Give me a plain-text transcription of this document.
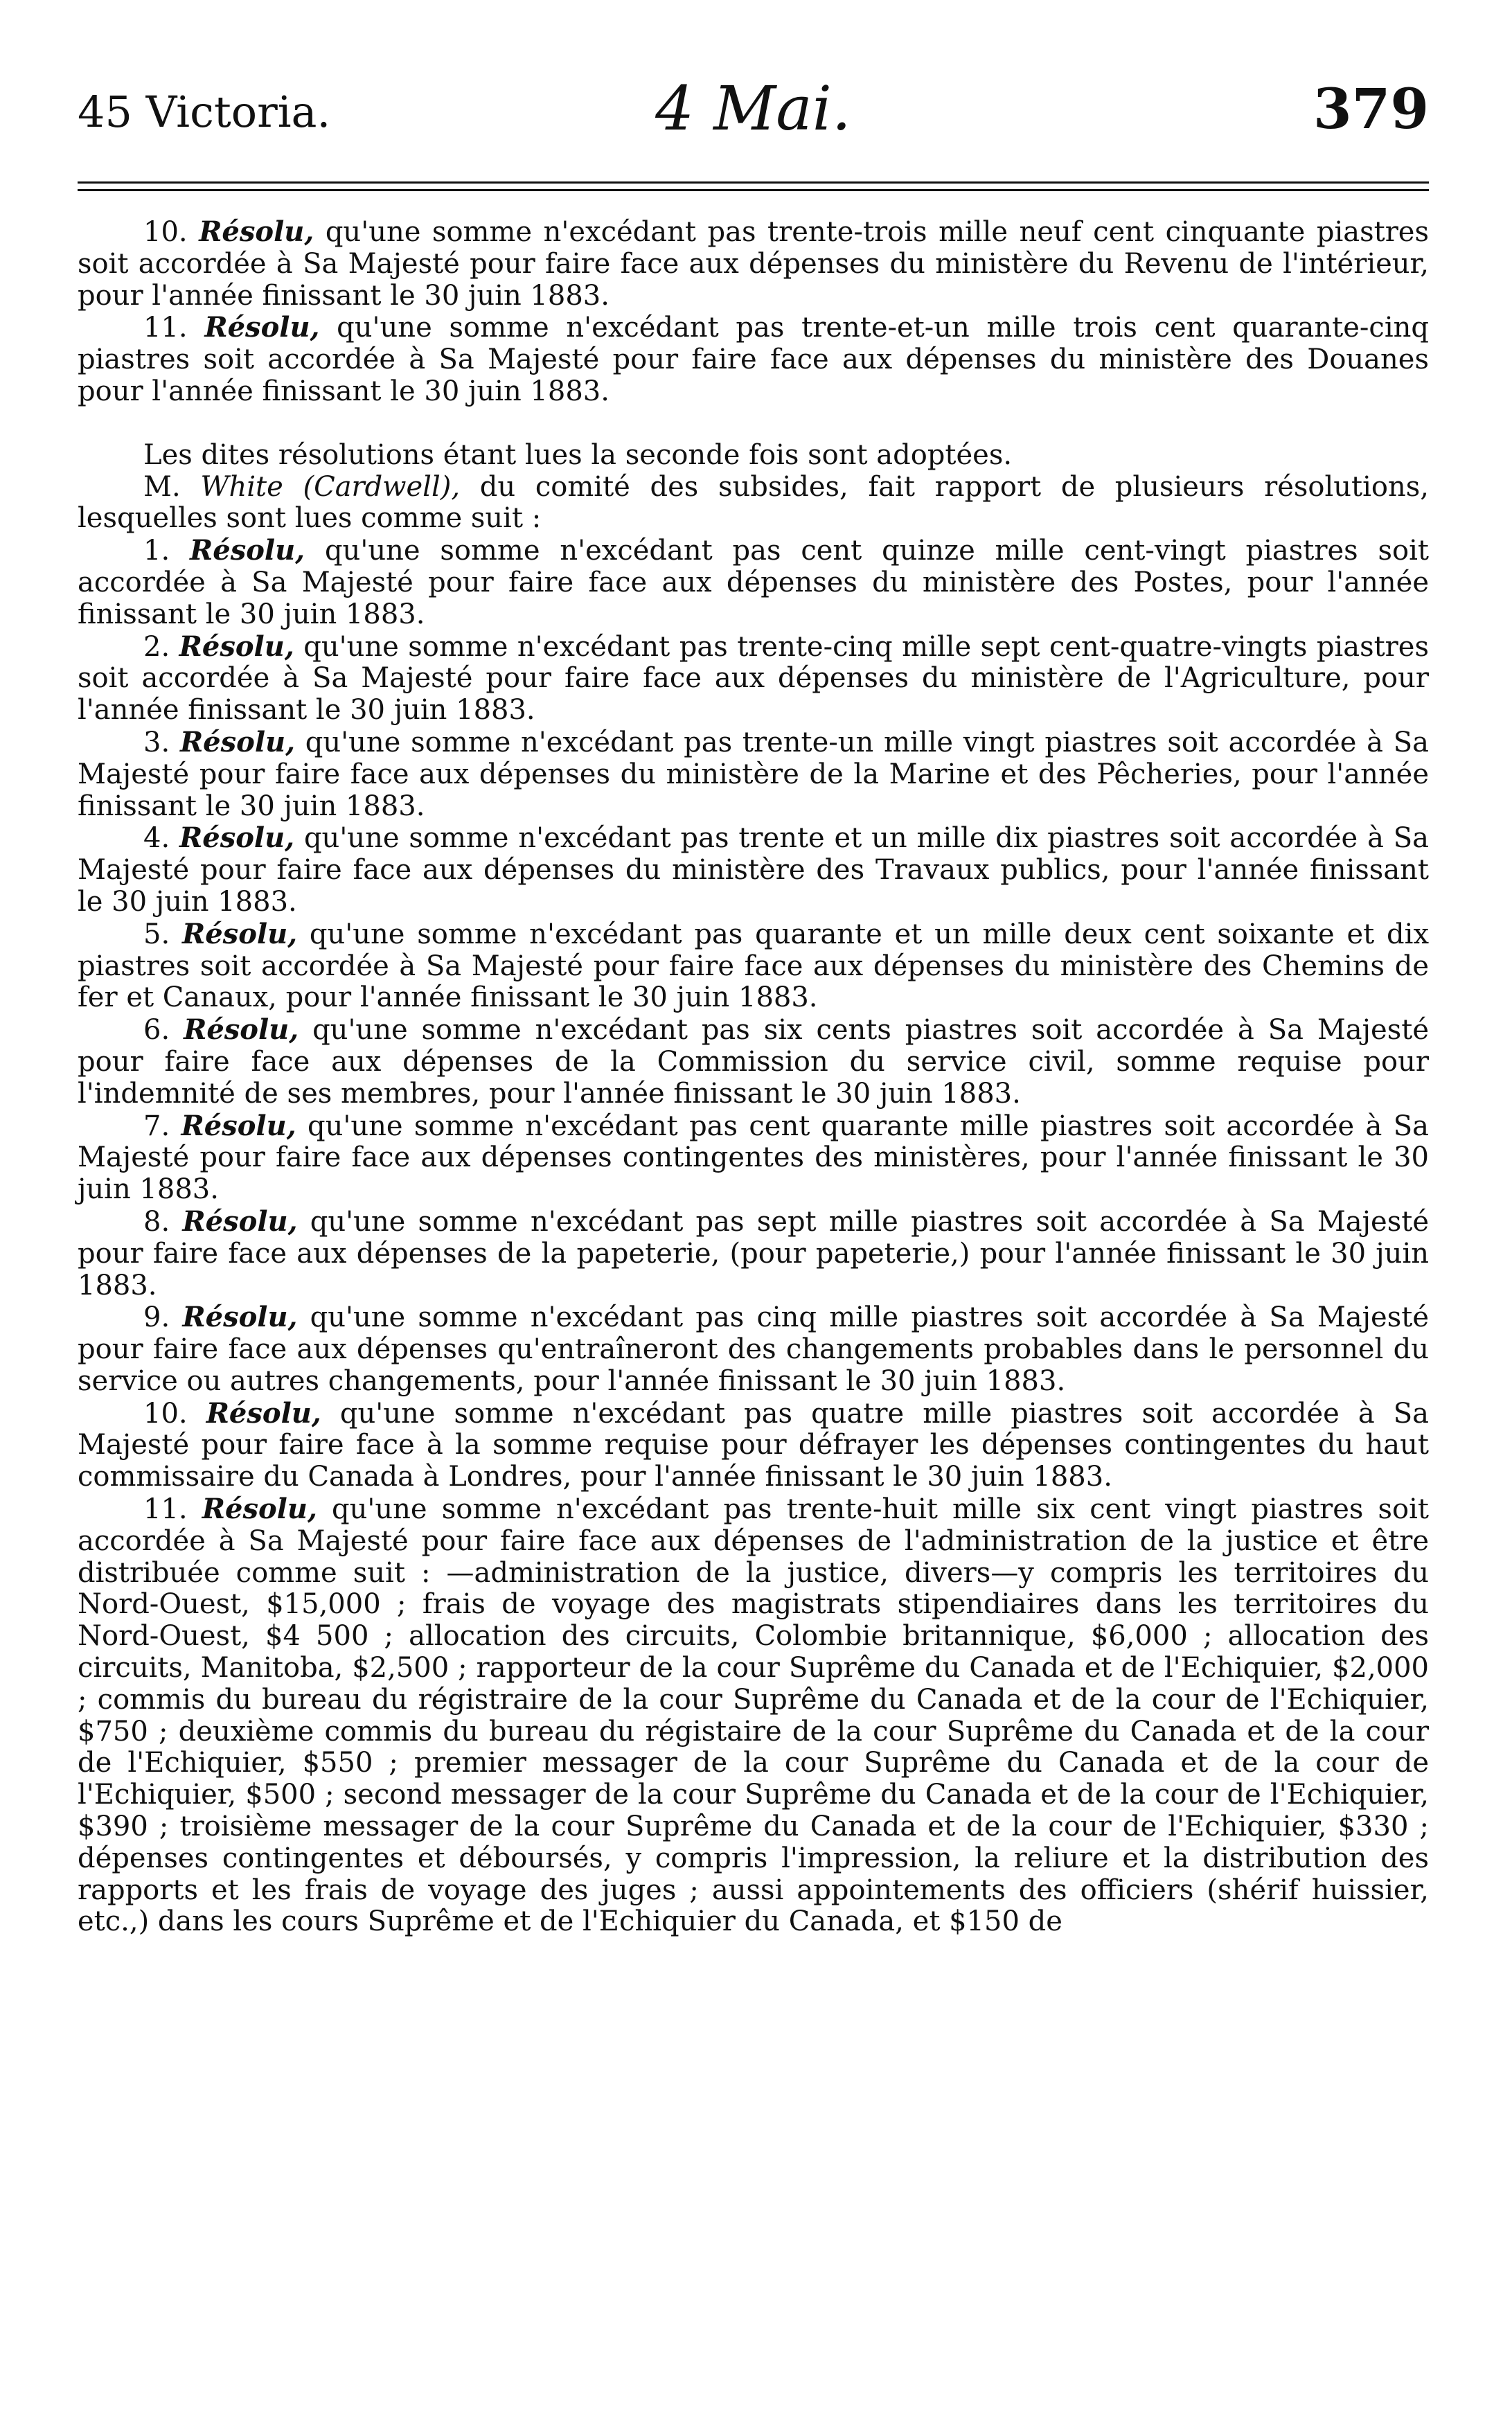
45 Victoria.	4 Mai.	379

10. Résolu, qu'une somme n'excédant pas trente-trois mille neuf cent cinquante piastres soit accordée à Sa Majesté pour faire face aux dépenses du ministère du Revenu de l'intérieur, pour l'année finissant le 30 juin 1883.

11. Résolu, qu'une somme n'excédant pas trente-et-un mille trois cent quarante-cinq piastres soit accordée à Sa Majesté pour faire face aux dépenses du ministère des Douanes pour l'année finissant le 30 juin 1883.

Les dites résolutions étant lues la seconde fois sont adoptées.

M. White (Cardwell), du comité des subsides, fait rapport de plusieurs résolutions, lesquelles sont lues comme suit :

1. Résolu, qu'une somme n'excédant pas cent quinze mille cent-vingt piastres soit accordée à Sa Majesté pour faire face aux dépenses du ministère des Postes, pour l'année finissant le 30 juin 1883.

2. Résolu, qu'une somme n'excédant pas trente-cinq mille sept cent-quatre-vingts piastres soit accordée à Sa Majesté pour faire face aux dépenses du ministère de l'Agriculture, pour l'année finissant le 30 juin 1883.

3. Résolu, qu'une somme n'excédant pas trente-un mille vingt piastres soit accordée à Sa Majesté pour faire face aux dépenses du ministère de la Marine et des Pêcheries, pour l'année finissant le 30 juin 1883.

4. Résolu, qu'une somme n'excédant pas trente et un mille dix piastres soit accordée à Sa Majesté pour faire face aux dépenses du ministère des Travaux publics, pour l'année finissant le 30 juin 1883.

5. Résolu, qu'une somme n'excédant pas quarante et un mille deux cent soixante et dix piastres soit accordée à Sa Majesté pour faire face aux dépenses du ministère des Chemins de fer et Canaux, pour l'année finissant le 30 juin 1883.

6. Résolu, qu'une somme n'excédant pas six cents piastres soit accordée à Sa Majesté pour faire face aux dépenses de la Commission du service civil, somme requise pour l'indemnité de ses membres, pour l'année finissant le 30 juin 1883.

7. Résolu, qu'une somme n'excédant pas cent quarante mille piastres soit accordée à Sa Majesté pour faire face aux dépenses contingentes des ministères, pour l'année finissant le 30 juin 1883.

8. Résolu, qu'une somme n'excédant pas sept mille piastres soit accordée à Sa Majesté pour faire face aux dépenses de la papeterie, (pour papeterie,) pour l'année finissant le 30 juin 1883.

9. Résolu, qu'une somme n'excédant pas cinq mille piastres soit accordée à Sa Majesté pour faire face aux dépenses qu'entraîneront des changements probables dans le personnel du service ou autres changements, pour l'année finissant le 30 juin 1883.

10. Résolu, qu'une somme n'excédant pas quatre mille piastres soit accordée à Sa Majesté pour faire face à la somme requise pour défrayer les dépenses contingentes du haut commissaire du Canada à Londres, pour l'année finissant le 30 juin 1883.

11. Résolu, qu'une somme n'excédant pas trente-huit mille six cent vingt piastres soit accordée à Sa Majesté pour faire face aux dépenses de l'administration de la justice et être distribuée comme suit : —administration de la justice, divers—y compris les territoires du Nord-Ouest, $15,000 ; frais de voyage des magistrats stipendiaires dans les territoires du Nord-Ouest, $4 500 ; allocation des circuits, Colombie britannique, $6,000 ; allocation des circuits, Manitoba, $2,500 ; rapporteur de la cour Suprême du Canada et de l'Echiquier, $2,000 ; commis du bureau du régistraire de la cour Suprême du Canada et de la cour de l'Echiquier, $750 ; deuxième commis du bureau du régistaire de la cour Suprême du Canada et de la cour de l'Echiquier, $550 ; premier messager de la cour Suprême du Canada et de la cour de l'Echiquier, $500 ; second messager de la cour Suprême du Canada et de la cour de l'Echiquier, $390 ; troisième messager de la cour Suprême du Canada et de la cour de l'Echiquier, $330 ; dépenses contingentes et déboursés, y compris l'impression, la reliure et la distribution des rapports et les frais de voyage des juges ; aussi appointements des officiers (shérif huissier, etc.,) dans les cours Suprême et de l'Echiquier du Canada, et $150 de
